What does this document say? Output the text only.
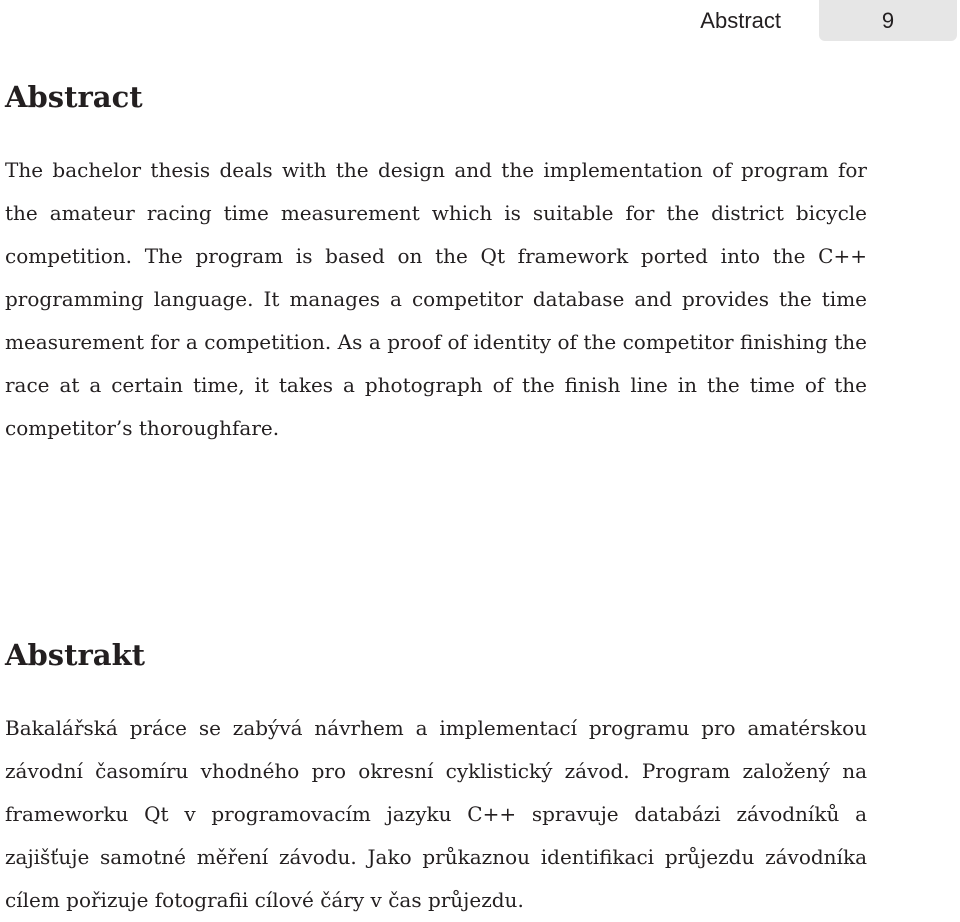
Abstract	9
Abstract

The bachelor thesis deals with the design and the implementation of program for the amateur racing time measurement which is suitable for the district bicycle competition. The program is based on the Qt framework ported into the C++ programming language. It manages a competitor database and provides the time measurement for a competition. As a proof of identity of the competitor finishing the race at a certain time, it takes a photograph of the finish line in the time of the competitor’s thoroughfare.

Abstrakt

Bakalářská práce se zabývá návrhem a implementací programu pro amatérskou závodní časomíru vhodného pro okresní cyklistický závod. Program založený na frameworku Qt v programovacím jazyku C++ spravuje databázi závodníků a zajišťuje samotné měření závodu. Jako průkaznou identifikaci průjezdu závodníka cílem pořizuje fotografii cílové čáry v čas průjezdu.
